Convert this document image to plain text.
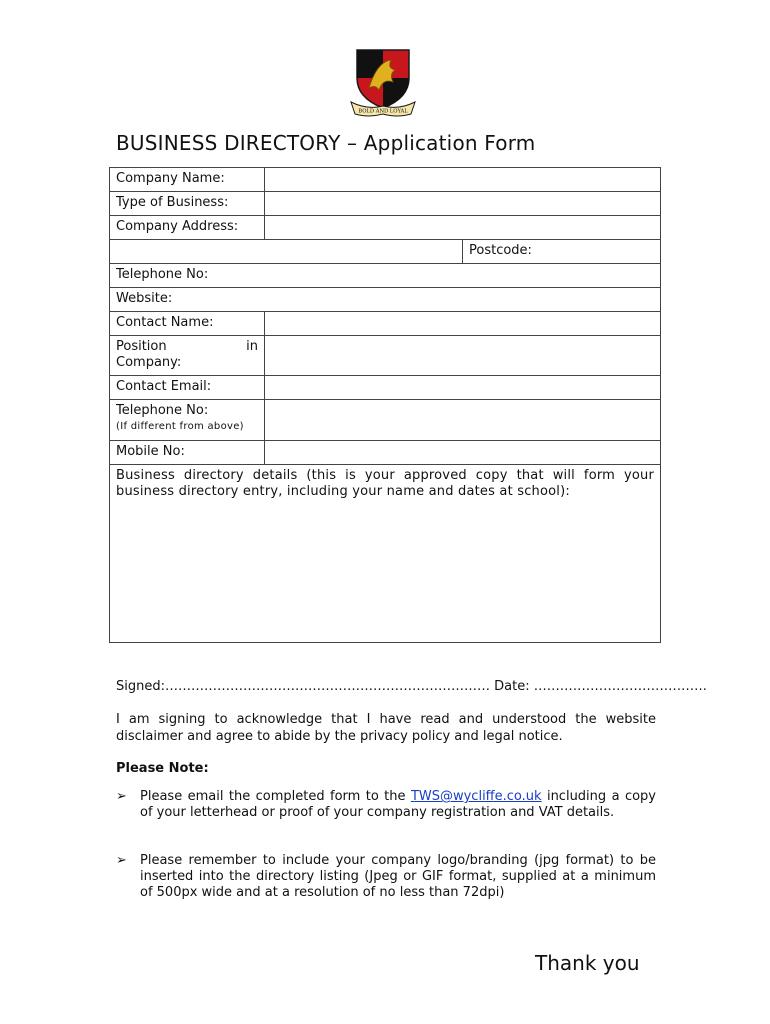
BOLD AND LOYAL
BUSINESS DIRECTORY – Application Form
Company Name:		
Type of Business:		
Company Address:		
		Postcode:
Telephone No:		
Website:		
Contact Name:		

Position in
Company:		

Contact Email:		

Telephone No:
(If different from above)		

Mobile No:		

Business directory details (this is your approved copy that will form your business directory entry, including your name and dates at school):		
Signed:………………………………………………………………… Date: ………………………………….
I am signing to acknowledge that I have read and understood the website disclaimer and agree to abide by the privacy policy and legal notice.
Please Note:
➢ Please email the completed form to the TWS@wycliffe.co.uk including a copy of your letterhead or proof of your company registration and VAT details.
➢ Please remember to include your company logo/branding (jpg format) to be inserted into the directory listing (Jpeg or GIF format, supplied at a minimum of 500px wide and at a resolution of no less than 72dpi)
Thank you
